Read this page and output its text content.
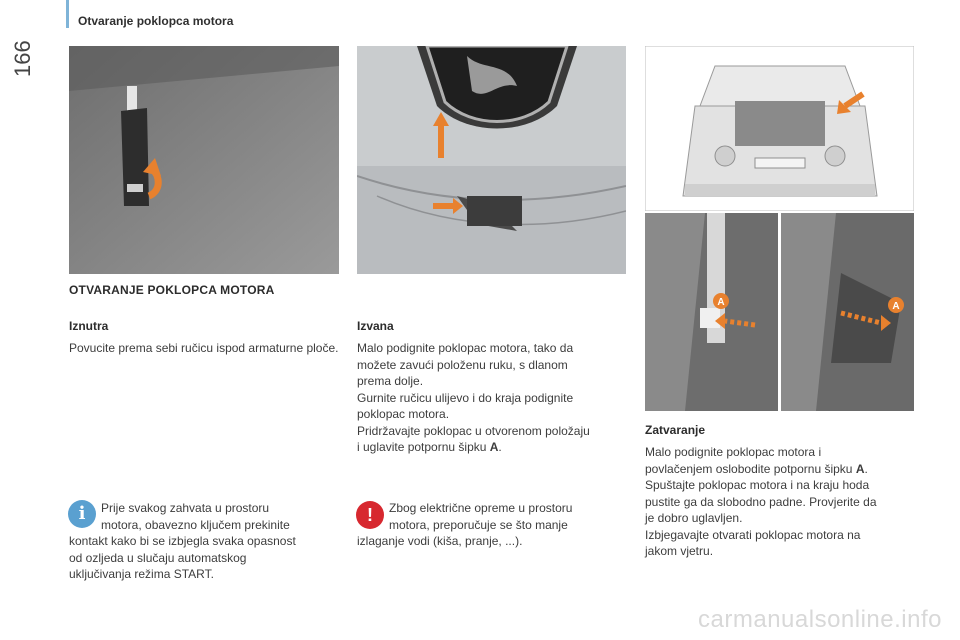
166
Otvaranje poklopca motora
A	A
OTVARANJE POKLOPCA MOTORA
Iznutra
Povucite prema sebi ručicu ispod armaturne ploče.
Izvana
Malo podignite poklopac motora, tako da
možete zavući položenu ruku, s dlanom
prema dolje.
Gurnite ručicu ulijevo i do kraja podignite
poklopac motora.
Pridržavajte poklopac u otvorenom položaju
i uglavite potpornu šipku A.
Zatvaranje
Malo podignite poklopac motora i
povlačenjem oslobodite potpornu šipku A.
Spuštajte poklopac motora i na kraju hoda
pustite ga da slobodno padne. Provjerite da
je dobro uglavljen.
Izbjegavajte otvarati poklopac motora na
jakom vjetru.
i	Prije svakog zahvata u prostoru
motora, obavezno ključem prekinite
kontakt kako bi se izbjegla svaka opasnost
od ozljeda u slučaju automatskog
uključivanja režima START.
!	Zbog električne opreme u prostoru
motora, preporučuje se što manje
izlaganje vodi (kiša, pranje, ...).
carmanualsonline.info
